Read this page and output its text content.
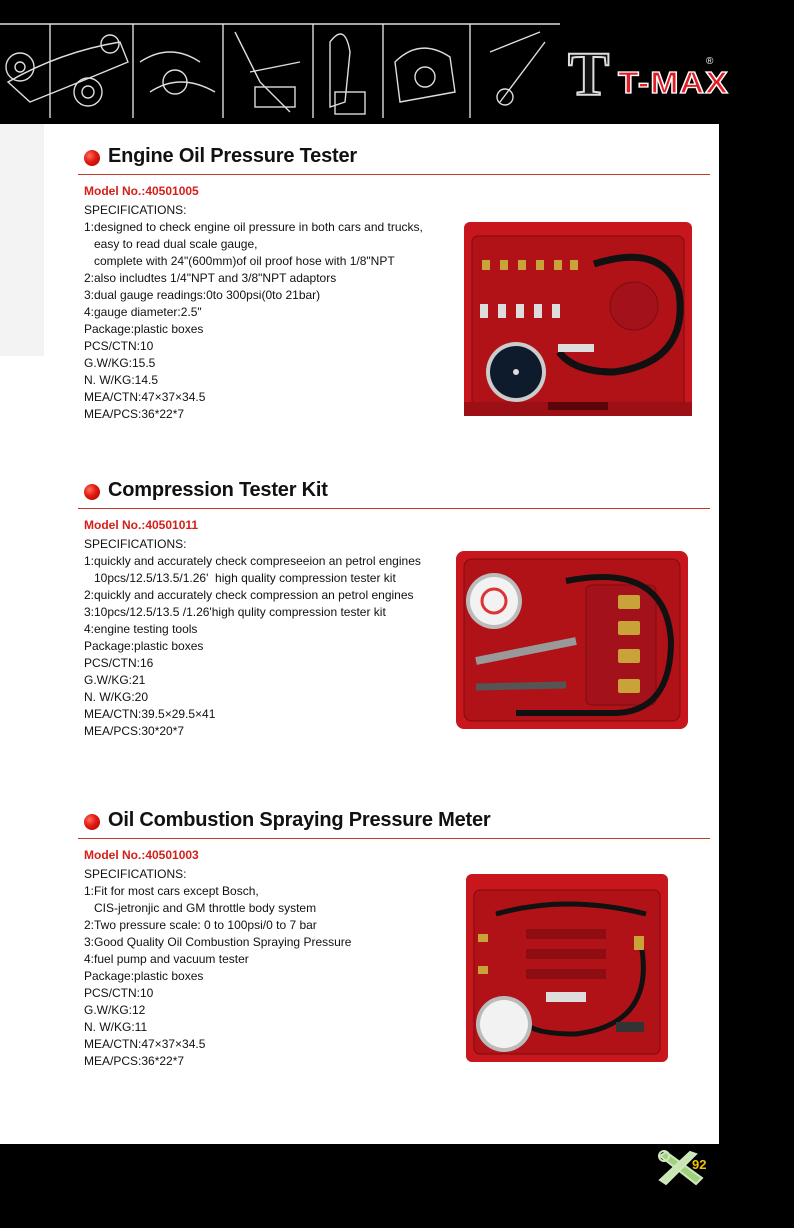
T T-MAX
®
Engine Oil Pressure Tester
Model No.:40501005
SPECIFICATIONS:
1:designed to check engine oil pressure in both cars and trucks,
easy to read dual scale gauge,
complete with 24"(600mm)of oil proof hose with 1/8"NPT
2:also includtes 1/4"NPT and 3/8"NPT adaptors
3:dual gauge readings:0to 300psi(0to 21bar)
4:gauge diameter:2.5"
Package:plastic boxes
PCS/CTN:10
G.W/KG:15.5
N. W/KG:14.5
MEA/CTN:47×37×34.5
MEA/PCS:36*22*7
Compression Tester Kit
Model No.:40501011
SPECIFICATIONS:
1:quickly and accurately check compreseeion an petrol engines
10pcs/12.5/13.5/1.26'  high quality compression tester kit
2:quickly and accurately check compression an petrol engines
3:10pcs/12.5/13.5 /1.26'high qulity compression tester kit
4:engine testing tools
Package:plastic boxes
PCS/CTN:16
G.W/KG:21
N. W/KG:20
MEA/CTN:39.5×29.5×41
MEA/PCS:30*20*7
Oil Combustion Spraying Pressure Meter
Model No.:40501003
SPECIFICATIONS:
1:Fit for most cars except Bosch,
CIS-jetronjic and GM throttle body system
2:Two pressure scale: 0 to 100psi/0 to 7 bar
3:Good Quality Oil Combustion Spraying Pressure
4:fuel pump and vacuum tester
Package:plastic boxes
PCS/CTN:10
G.W/KG:12
N. W/KG:11
MEA/CTN:47×37×34.5
MEA/PCS:36*22*7
92
